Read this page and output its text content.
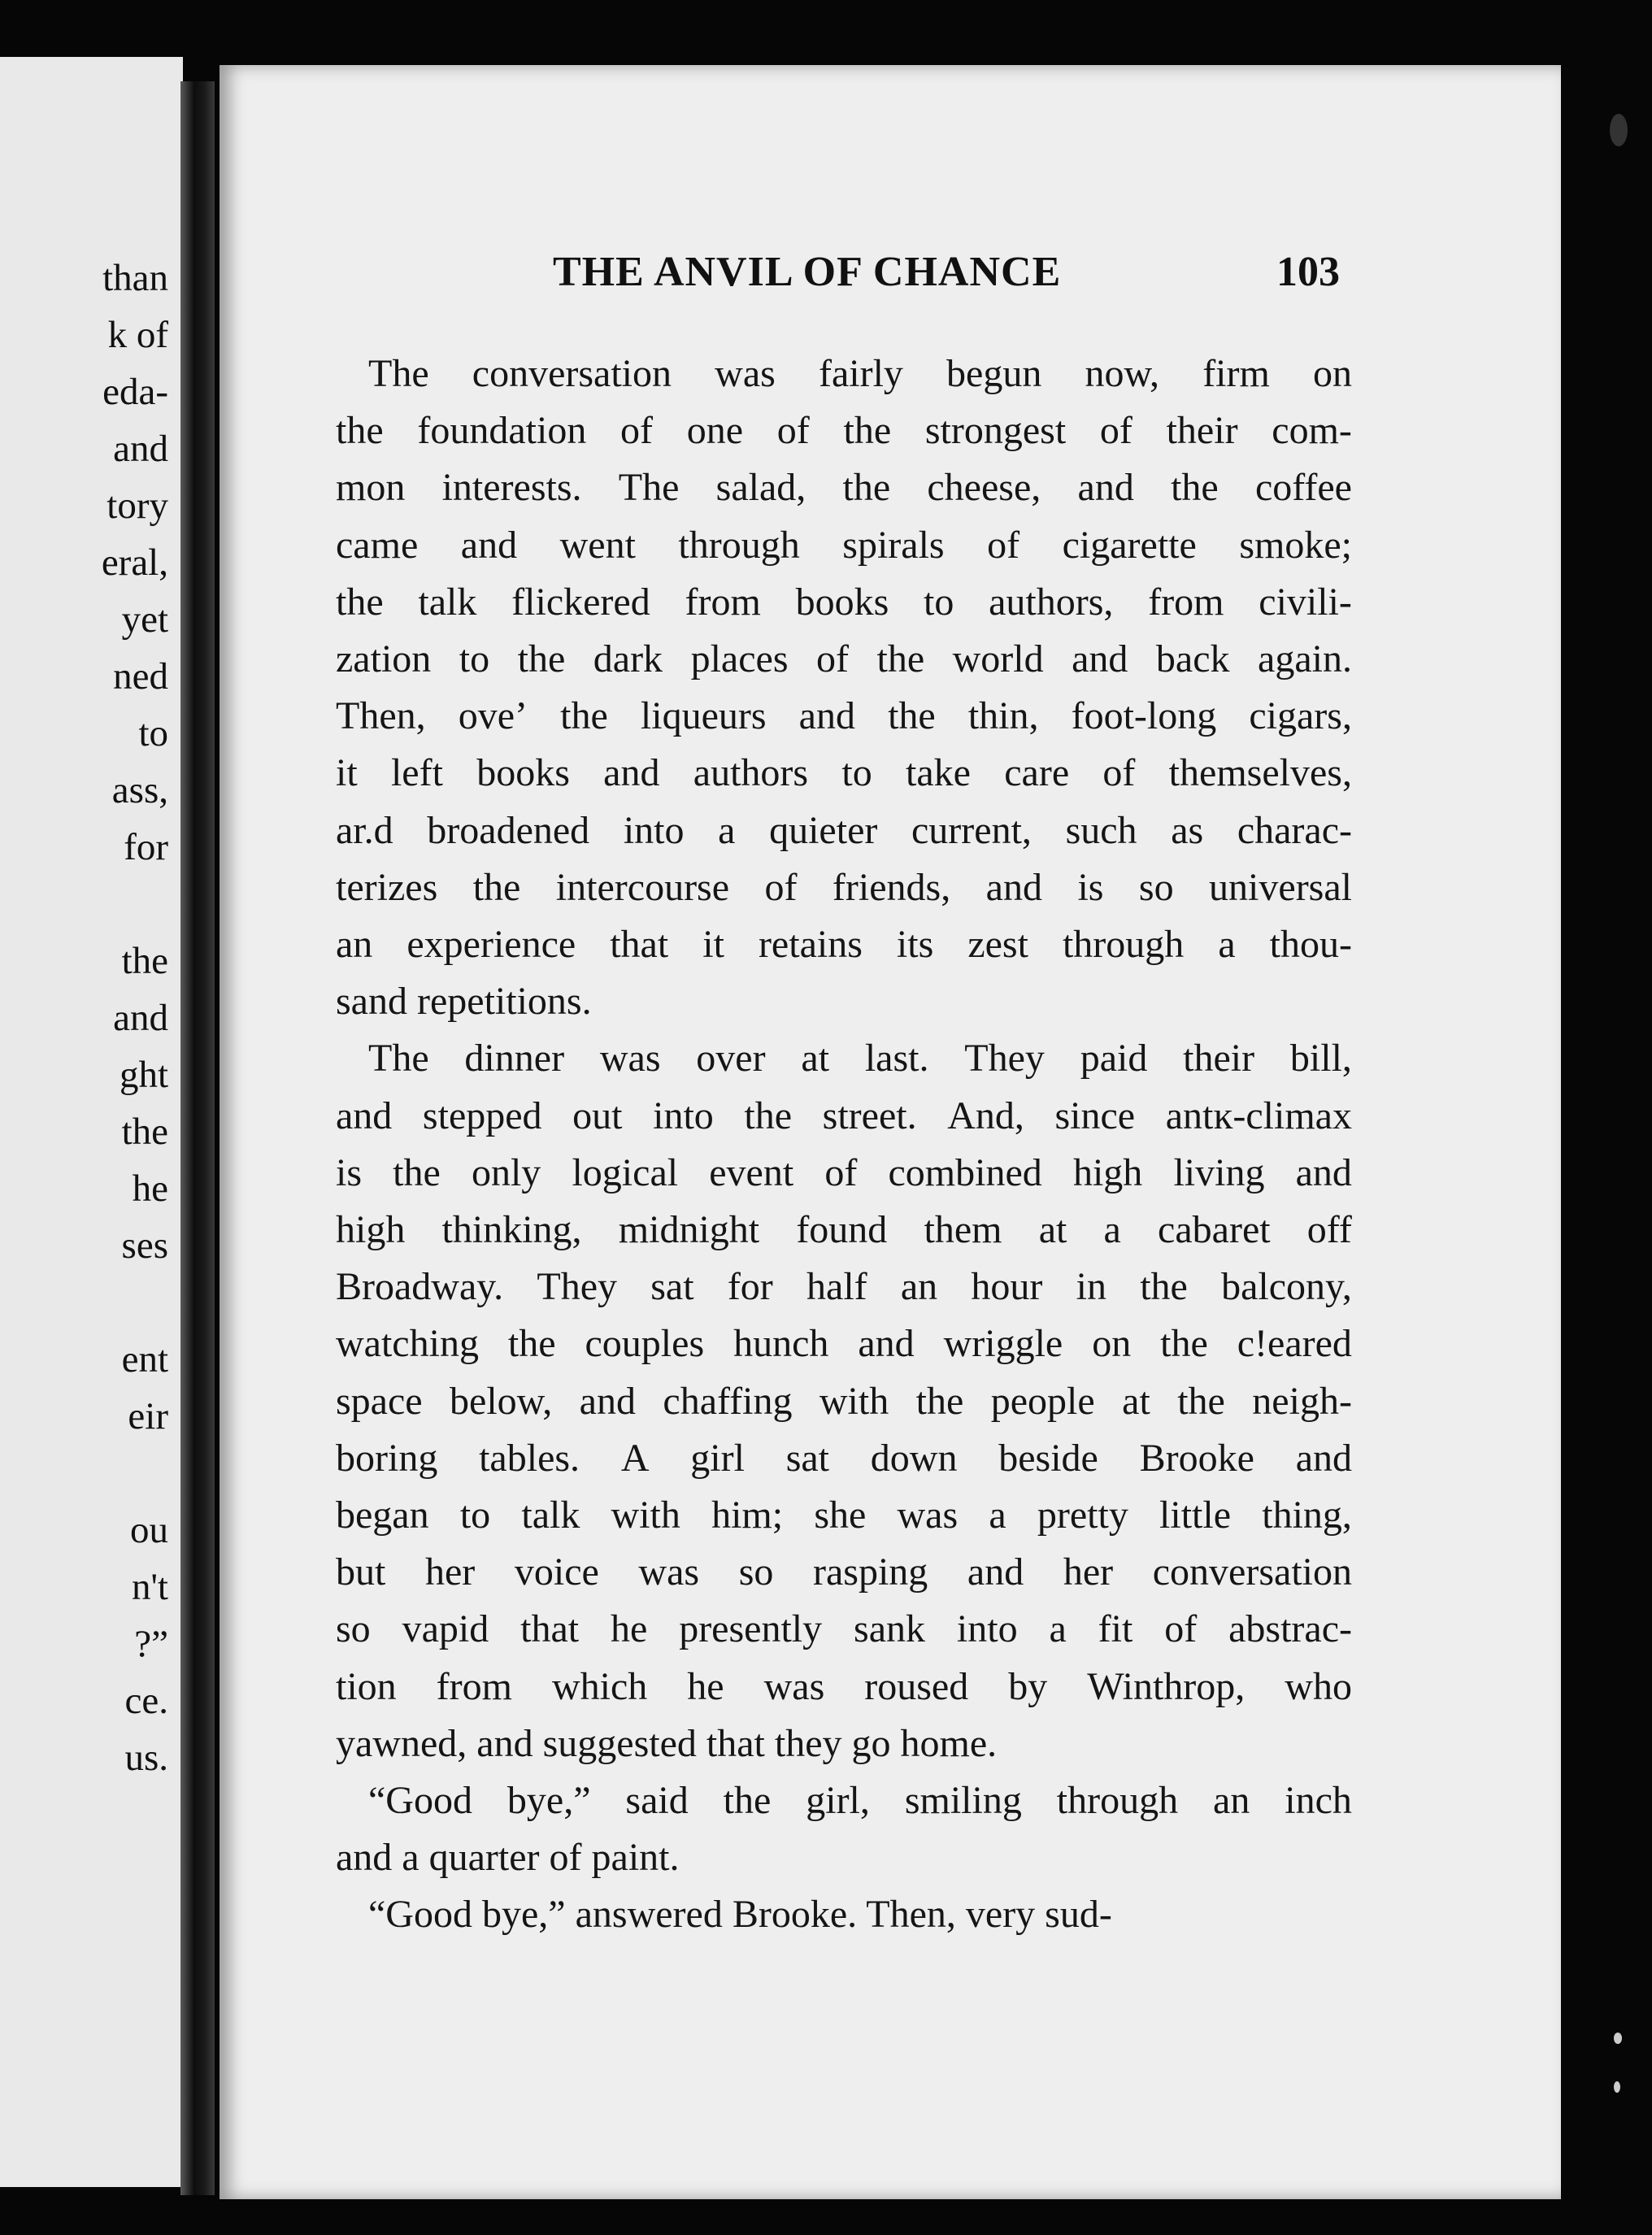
than
k of
eda-
and
tory
eral,
yet
ned
to
ass,
for
the
and
ght
the
he
ses
ent
eir
ou
n't
?”
ce.
us.
THE ANVIL OF CHANCE	103
The conversation was fairly begun now, firm on
the foundation of one of the strongest of their com-
mon interests. The salad, the cheese, and the coffee
came and went through spirals of cigarette smoke;
the talk flickered from books to authors, from civili-
zation to the dark places of the world and back again.
Then, oveʼ the liqueurs and the thin, foot-long cigars,
it left books and authors to take care of themselves,
ar.d broadened into a quieter current, such as charac-
terizes the intercourse of friends, and is so universal
an experience that it retains its zest through a thou-
sand repetitions.
The dinner was over at last. They paid their bill,
and stepped out into the street. And, since antĸ-climax
is the only logical event of combined high living and
high thinking, midnight found them at a cabaret off
Broadway. They sat for half an hour in the balcony,
watching the couples hunch and wriggle on the c!eared
space below, and chaffing with the people at the neigh-
boring tables. A girl sat down beside Brooke and
began to talk with him; she was a pretty little thing,
but her voice was so rasping and her conversation
so vapid that he presently sank into a fit of abstrac-
tion from which he was roused by Winthrop, who
yawned, and suggested that they go home.
“Good bye,” said the girl, smiling through an inch
and a quarter of paint.
“Good bye,” answered Brooke. Then, very sud-
